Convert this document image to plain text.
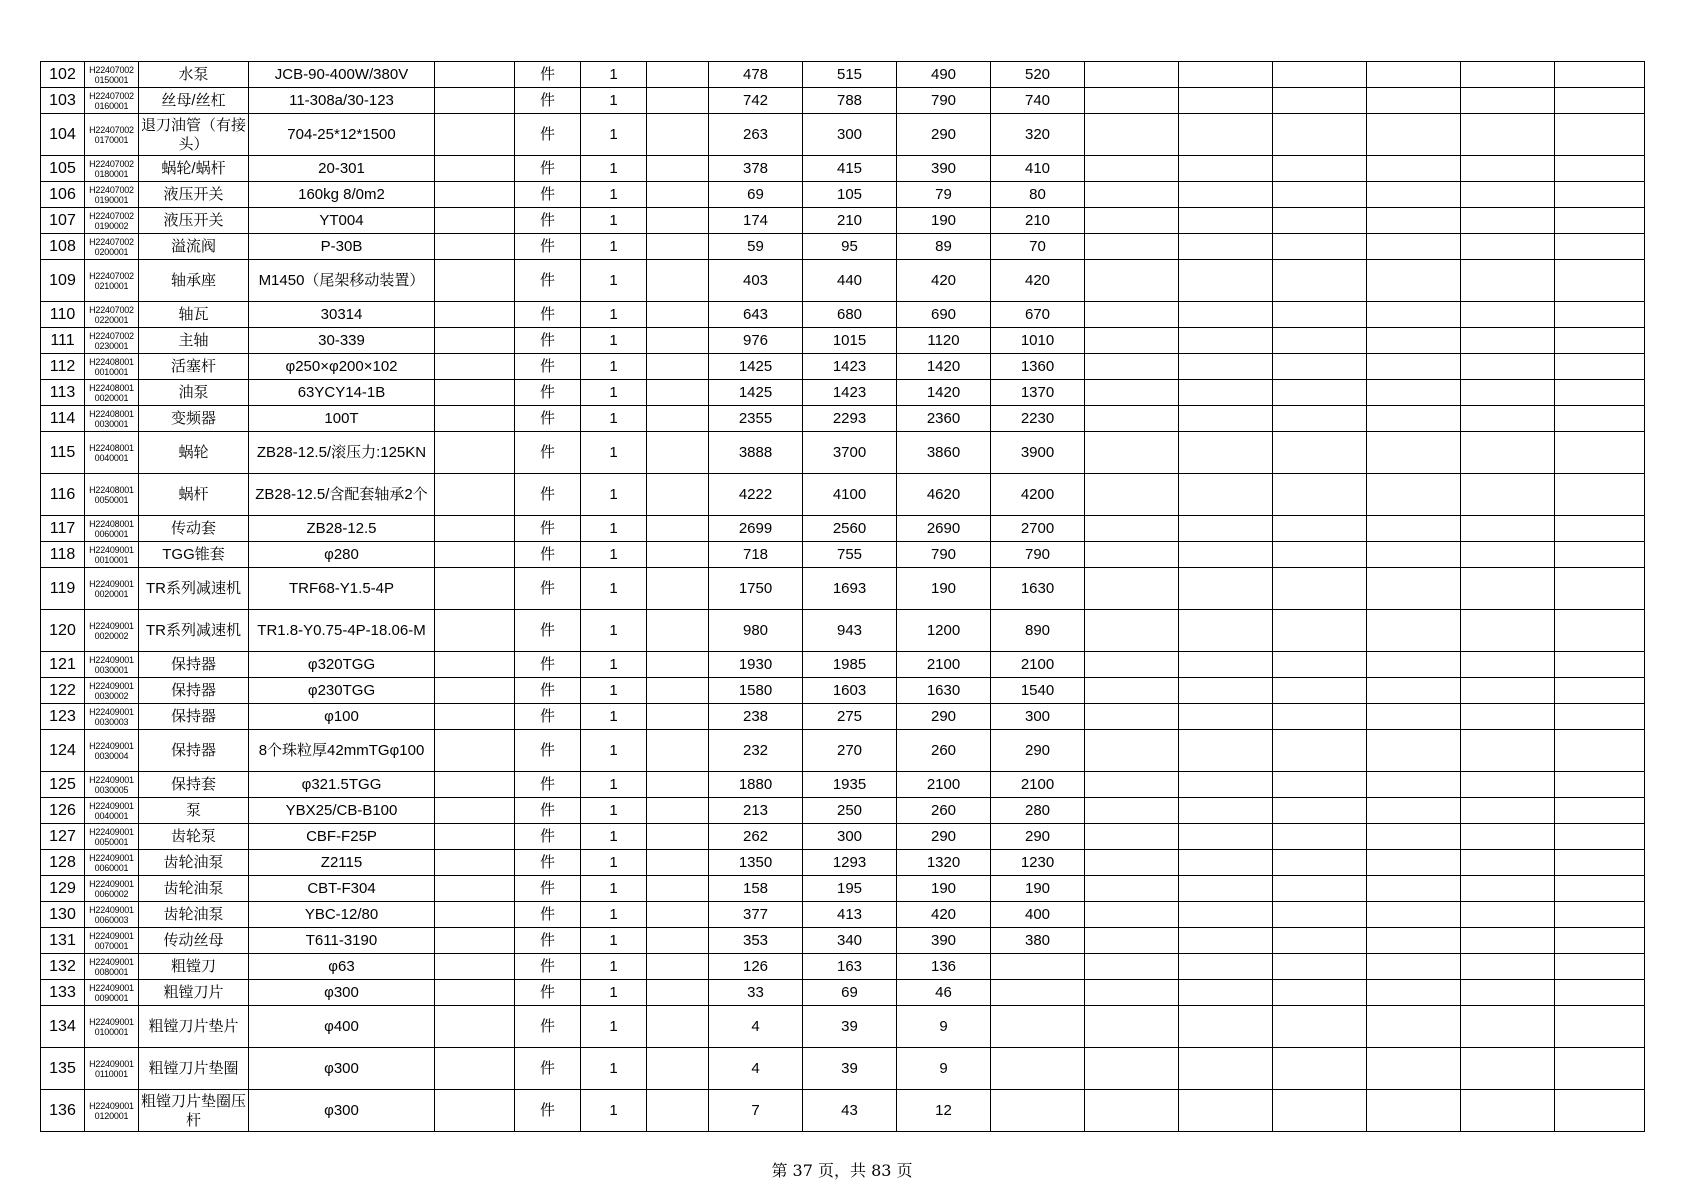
102	H22407002 0150001	水泵	JCB-90-400W/380V		件	1		478	515	490	520						
103	H22407002 0160001	丝母/丝杠	11-308a/30-123		件	1		742	788	790	740						
104	H22407002 0170001	退刀油管（有接头）	704-25*12*1500		件	1		263	300	290	320						
105	H22407002 0180001	蜗轮/蜗杆	20-301		件	1		378	415	390	410						
106	H22407002 0190001	液压开关	160kg 8/0m2		件	1		69	105	79	80						
107	H22407002 0190002	液压开关	YT004		件	1		174	210	190	210						
108	H22407002 0200001	溢流阀	P-30B		件	1		59	95	89	70						
109	H22407002 0210001	轴承座	M1450（尾架移动装置）		件	1		403	440	420	420						
110	H22407002 0220001	轴瓦	30314		件	1		643	680	690	670						
111	H22407002 0230001	主轴	30-339		件	1		976	1015	1120	1010						
112	H22408001 0010001	活塞杆	φ250×φ200×102		件	1		1425	1423	1420	1360						
113	H22408001 0020001	油泵	63YCY14-1B		件	1		1425	1423	1420	1370						
114	H22408001 0030001	变频器	100T		件	1		2355	2293	2360	2230						
115	H22408001 0040001	蜗轮	ZB28-12.5/滚压力:125KN		件	1		3888	3700	3860	3900						
116	H22408001 0050001	蜗杆	ZB28-12.5/含配套轴承2个		件	1		4222	4100	4620	4200						
117	H22408001 0060001	传动套	ZB28-12.5		件	1		2699	2560	2690	2700						
118	H22409001 0010001	TGG锥套	φ280		件	1		718	755	790	790						
119	H22409001 0020001	TR系列减速机	TRF68-Y1.5-4P		件	1		1750	1693	190	1630						
120	H22409001 0020002	TR系列减速机	TR1.8-Y0.75-4P-18.06-M		件	1		980	943	1200	890						
121	H22409001 0030001	保持器	φ320TGG		件	1		1930	1985	2100	2100						
122	H22409001 0030002	保持器	φ230TGG		件	1		1580	1603	1630	1540						
123	H22409001 0030003	保持器	φ100		件	1		238	275	290	300						
124	H22409001 0030004	保持器	8个珠粒厚42mmTGφ100		件	1		232	270	260	290						
125	H22409001 0030005	保持套	φ321.5TGG		件	1		1880	1935	2100	2100						
126	H22409001 0040001	泵	YBX25/CB-B100		件	1		213	250	260	280						
127	H22409001 0050001	齿轮泵	CBF-F25P		件	1		262	300	290	290						
128	H22409001 0060001	齿轮油泵	Z2115		件	1		1350	1293	1320	1230						
129	H22409001 0060002	齿轮油泵	CBT-F304		件	1		158	195	190	190						
130	H22409001 0060003	齿轮油泵	YBC-12/80		件	1		377	413	420	400						
131	H22409001 0070001	传动丝母	T611-3190		件	1		353	340	390	380						
132	H22409001 0080001	粗镗刀	φ63		件	1		126	163	136							
133	H22409001 0090001	粗镗刀片	φ300		件	1		33	69	46							
134	H22409001 0100001	粗镗刀片垫片	φ400		件	1		4	39	9							
135	H22409001 0110001	粗镗刀片垫圈	φ300		件	1		4	39	9							
136	H22409001 0120001	粗镗刀片垫圈压杆	φ300		件	1		7	43	12							
第 37 页，共 83 页
